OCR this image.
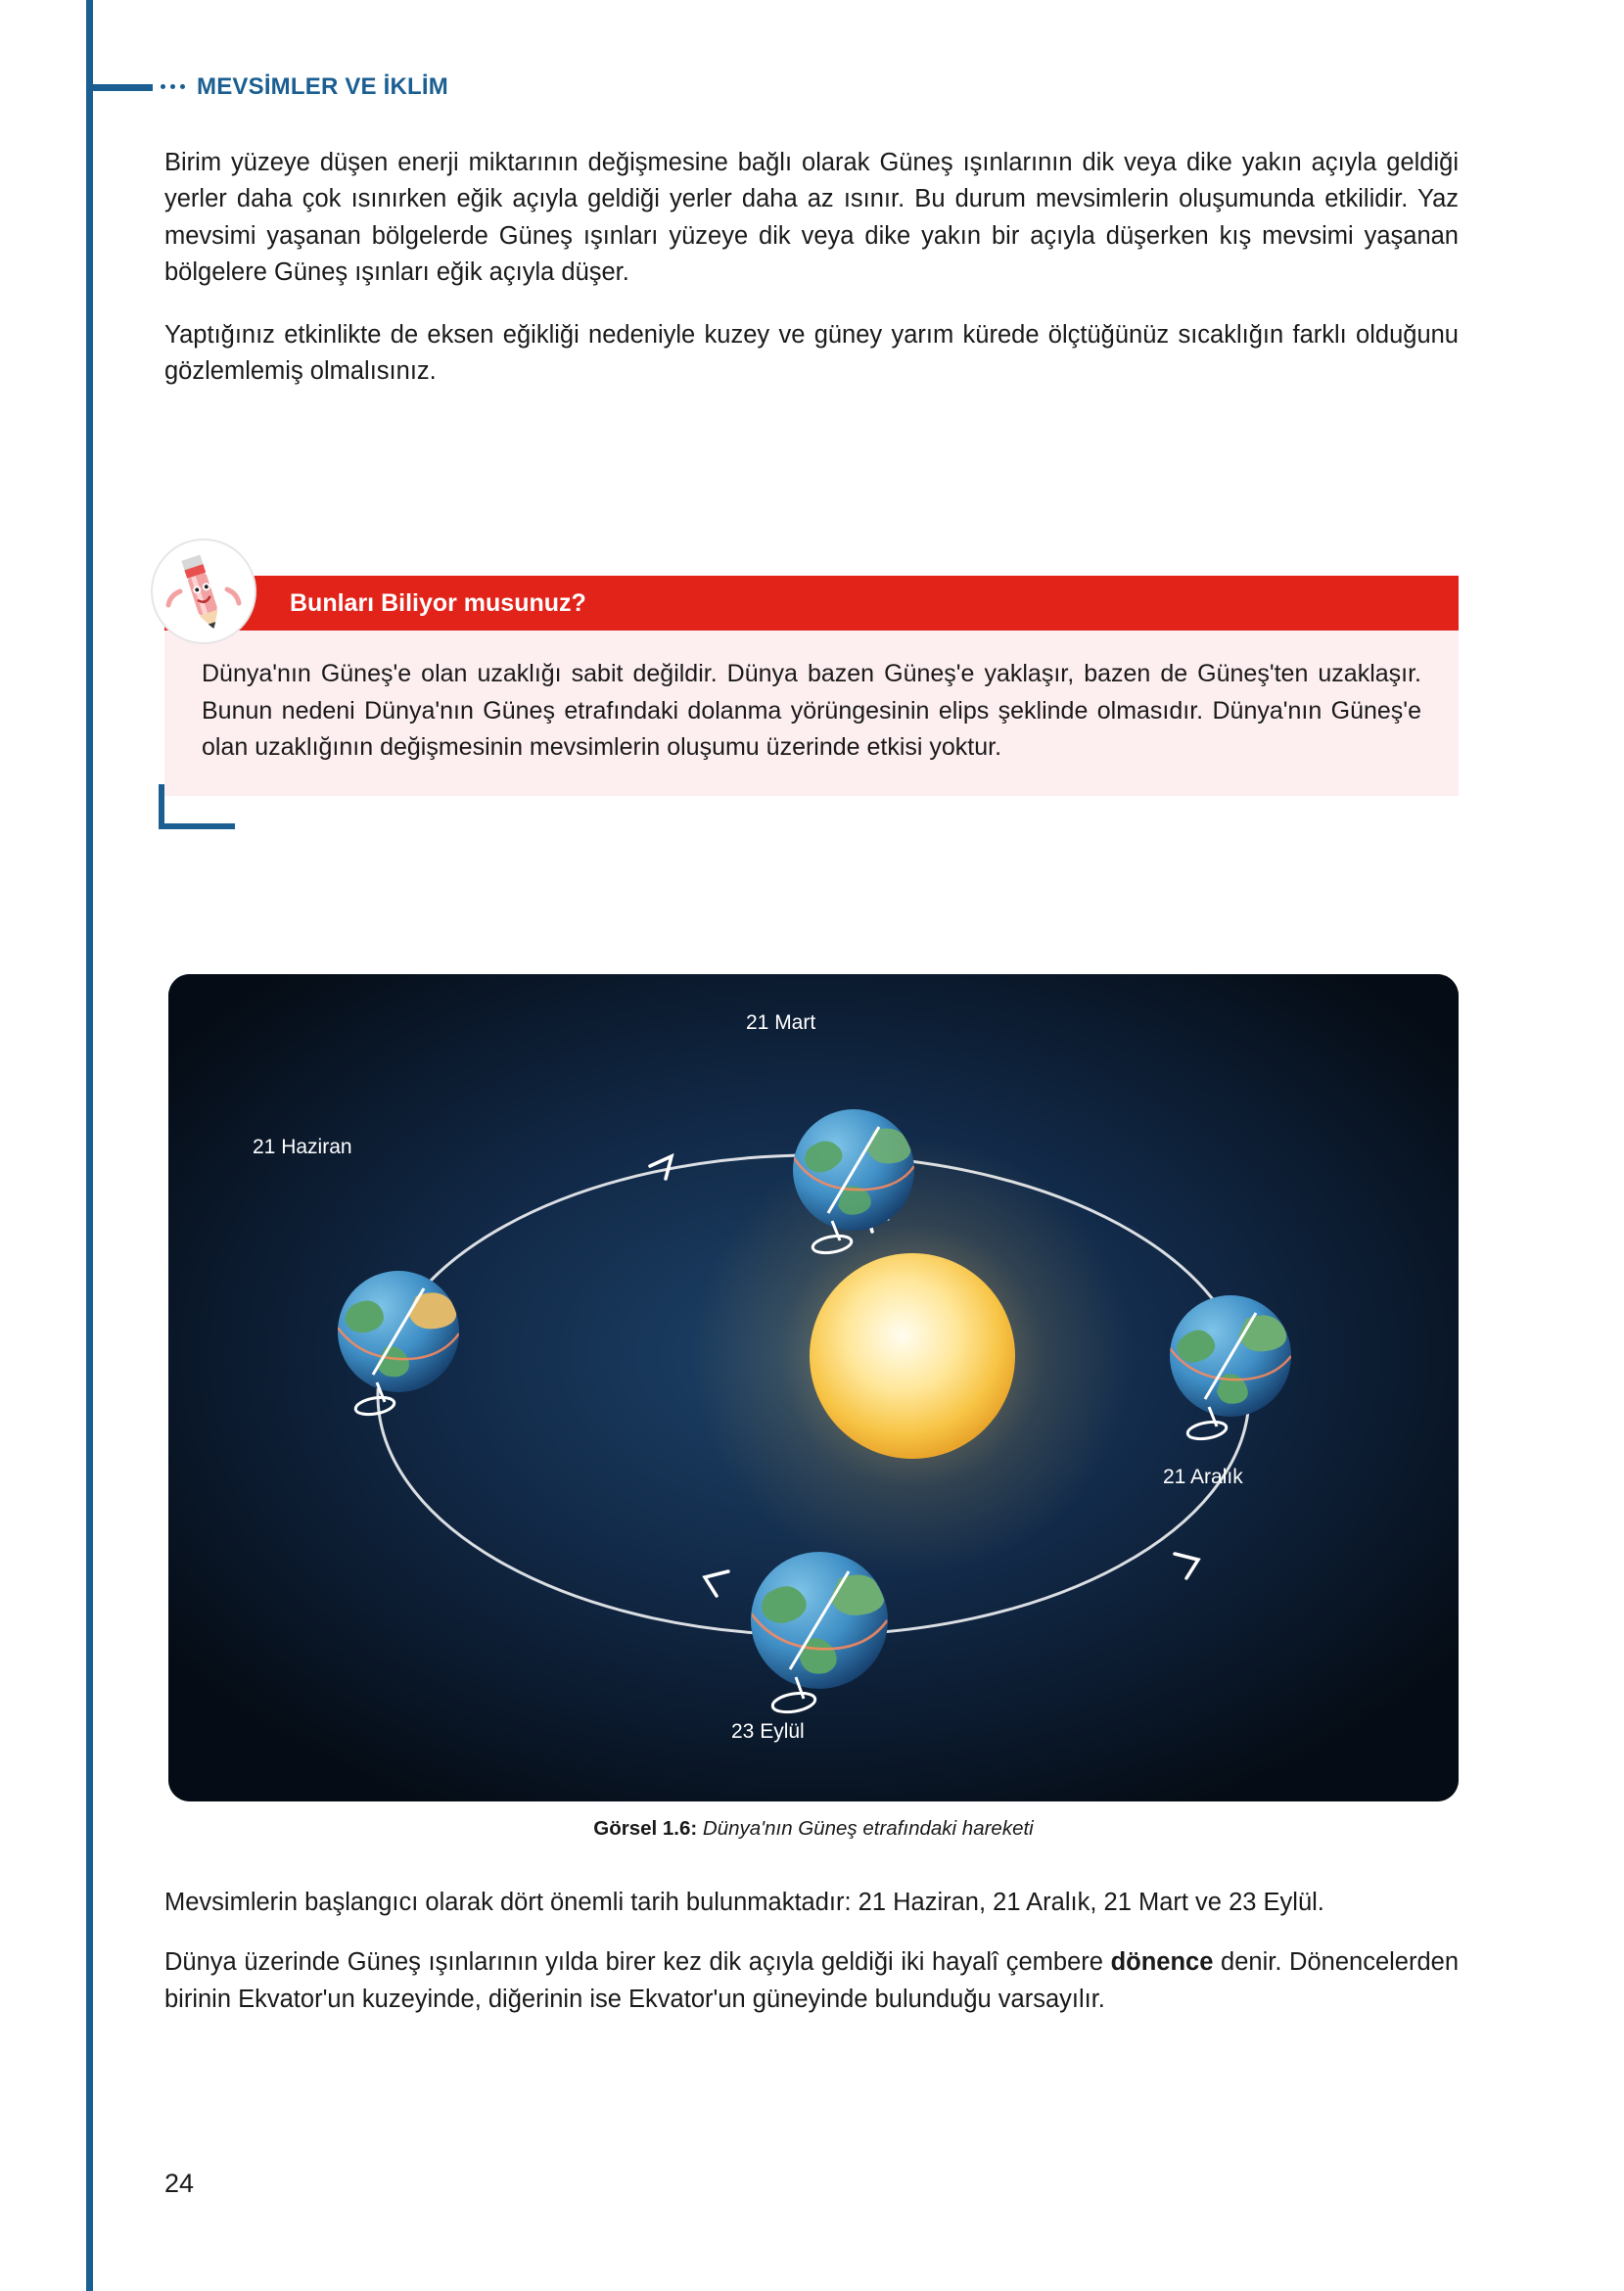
MEVSİMLER VE İKLİM

Birim yüzeye düşen enerji miktarının değişmesine bağlı olarak Güneş ışınlarının dik veya dike yakın açıyla geldiği yerler daha çok ısınırken eğik açıyla geldiği yerler daha az ısınır. Bu durum mevsimlerin oluşumunda etkilidir. Yaz mevsimi yaşanan bölgelerde Güneş ışınları yüzeye dik veya dike yakın bir açıyla düşerken kış mevsimi yaşanan bölgelere Güneş ışınları eğik açıyla düşer.

Yaptığınız etkinlikte de eksen eğikliği nedeniyle kuzey ve güney yarım kürede ölçtüğünüz sıcaklığın farklı olduğunu gözlemlemiş olmalısınız.

Bunları Biliyor musunuz?
Dünya'nın Güneş'e olan uzaklığı sabit değildir. Dünya bazen Güneş'e yaklaşır, bazen de Güneş'ten uzaklaşır. Bunun nedeni Dünya'nın Güneş etrafındaki dolanma yörüngesinin elips şeklinde olmasıdır. Dünya'nın Güneş'e olan uzaklığının değişmesinin mevsimlerin oluşumu üzerinde etkisi yoktur.
21 Mart
21 Haziran
21 Aralık
23 Eylül
Görsel 1.6: Dünya'nın Güneş etrafındaki hareketi

Mevsimlerin başlangıcı olarak dört önemli tarih bulunmaktadır: 21 Haziran, 21 Aralık, 21 Mart ve 23 Eylül.

Dünya üzerinde Güneş ışınlarının yılda birer kez dik açıyla geldiği iki hayalî çembere dönence denir. Dönencelerden birinin Ekvator'un kuzeyinde, diğerinin ise Ekvator'un güneyinde bulunduğu varsayılır.

24
